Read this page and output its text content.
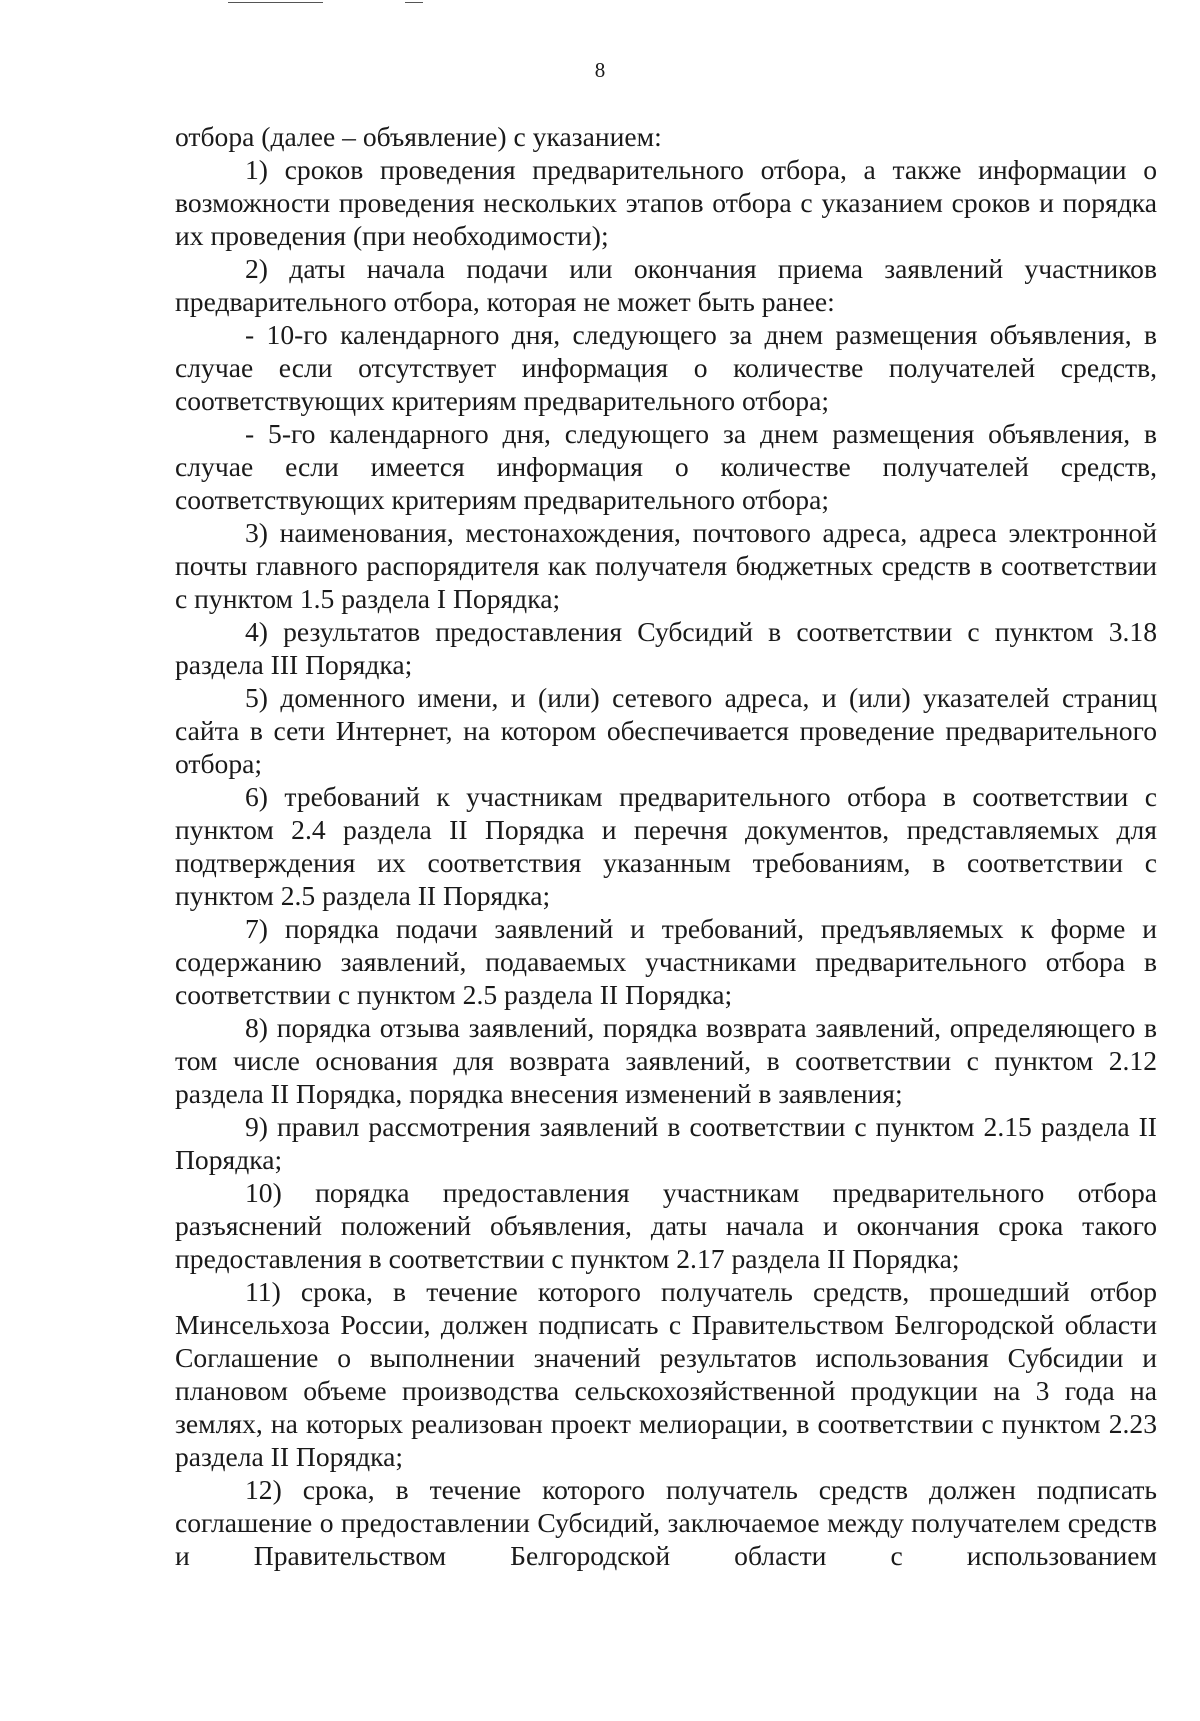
8

отбора (далее – объявление) с указанием:

1) сроков проведения предварительного отбора, а также информации о возможности проведения нескольких этапов отбора с указанием сроков и порядка их проведения (при необходимости);

2) даты начала подачи или окончания приема заявлений участников предварительного отбора, которая не может быть ранее:

- 10-го календарного дня, следующего за днем размещения объявления, в случае если отсутствует информация о количестве получателей средств, соответствующих критериям предварительного отбора;

- 5-го календарного дня, следующего за днем размещения объявления, в случае если имеется информация о количестве получателей средств, соответствующих критериям предварительного отбора;

3) наименования, местонахождения, почтового адреса, адреса электронной почты главного распорядителя как получателя бюджетных средств в соответствии с пунктом 1.5 раздела I Порядка;

4) результатов предоставления Субсидий в соответствии с пунктом 3.18 раздела III Порядка;

5) доменного имени, и (или) сетевого адреса, и (или) указателей страниц сайта в сети Интернет, на котором обеспечивается проведение предварительного отбора;

6) требований к участникам предварительного отбора в соответствии с пунктом 2.4 раздела II Порядка и перечня документов, представляемых для подтверждения их соответствия указанным требованиям, в соответствии с пунктом 2.5 раздела II Порядка;

7) порядка подачи заявлений и требований, предъявляемых к форме и содержанию заявлений, подаваемых участниками предварительного отбора в соответствии с пунктом 2.5 раздела II Порядка;

8) порядка отзыва заявлений, порядка возврата заявлений, определяющего в том числе основания для возврата заявлений, в соответствии с пунктом 2.12 раздела II Порядка, порядка внесения изменений в заявления;

9) правил рассмотрения заявлений в соответствии с пунктом 2.15 раздела II Порядка;

10) порядка предоставления участникам предварительного отбора разъяснений положений объявления, даты начала и окончания срока такого предоставления в соответствии с пунктом 2.17 раздела II Порядка;

11) срока, в течение которого получатель средств, прошедший отбор Минсельхоза России, должен подписать с Правительством Белгородской области Соглашение о выполнении значений результатов использования Субсидии и плановом объеме производства сельскохозяйственной продукции на 3 года на землях, на которых реализован проект мелиорации, в соответствии с пунктом 2.23 раздела II Порядка;

12) срока, в течение которого получатель средств должен подписать соглашение о предоставлении Субсидий, заключаемое между получателем средств и Правительством Белгородской области с использованием
